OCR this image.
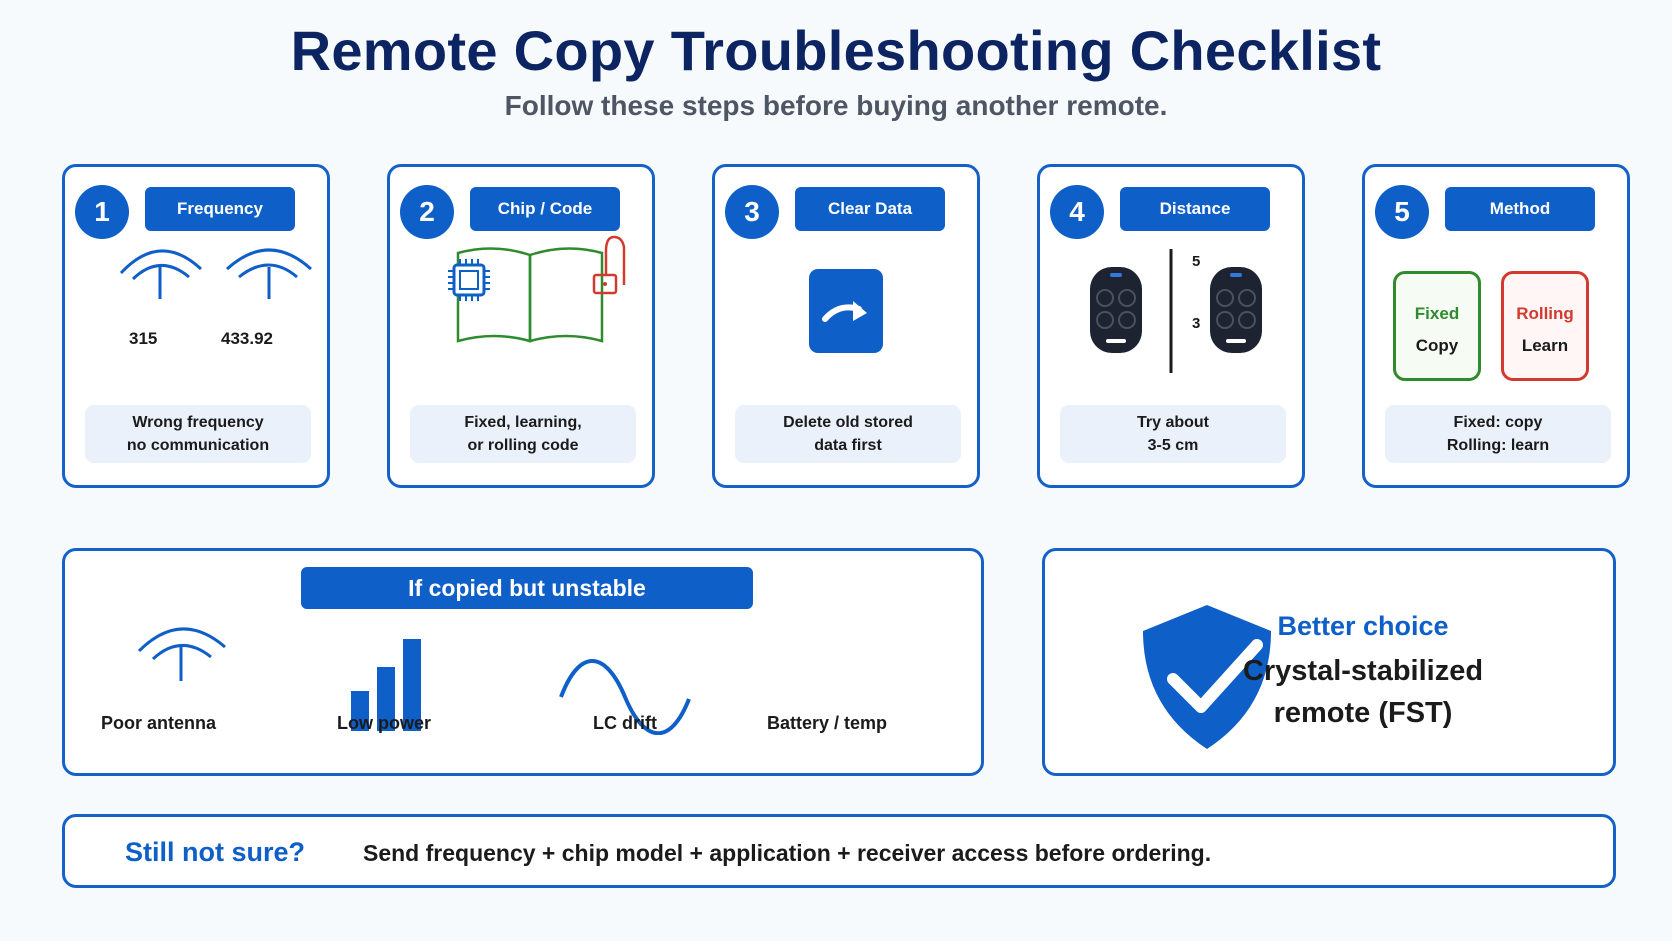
Remote Copy Troubleshooting Checklist
Follow these steps before buying another remote.
1	Frequency
315	433.92
Wrong frequency
no communication
2	Chip / Code
Fixed, learning,
or rolling code
3	Clear Data
Delete old stored
data first
4	Distance
5
3
Try about
3-5 cm
5	Method
Fixed
Copy
Rolling
Learn
Fixed: copy
Rolling: learn
If copied but unstable
Poor antenna	Low power	LC drift	Battery / temp
Better choice
Crystal-stabilized
remote (FST)
Still not sure?	Send frequency + chip model + application + receiver access before ordering.
